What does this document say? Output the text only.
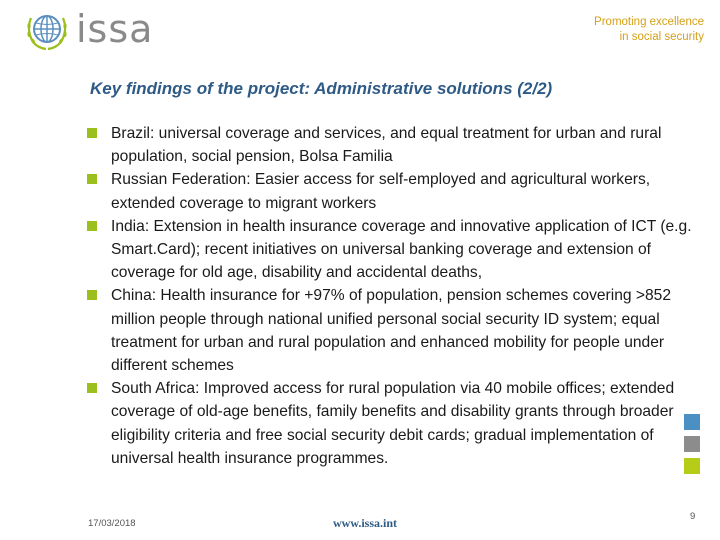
issa	Promoting excellence
in social security
Key findings of the project: Administrative solutions (2/2)
Brazil: universal coverage and services, and equal treatment for urban and rural population, social pension, Bolsa Familia
Russian Federation: Easier access for self-employed and agricultural workers, extended coverage to migrant workers
India: Extension in health insurance coverage and innovative application of ICT (e.g. Smart.Card); recent initiatives on universal banking coverage and extension of coverage for old age, disability and accidental deaths,
China: Health insurance for +97% of population, pension schemes covering >852 million people through national unified personal social security ID system; equal treatment for urban and rural population and enhanced mobility for people under different schemes
South Africa: Improved access for rural population via 40 mobile offices; extended coverage of old-age benefits, family benefits and disability grants through broader eligibility criteria and free social security debit cards; gradual implementation of universal health insurance programmes.
17/03/2018	www.issa.int	9
